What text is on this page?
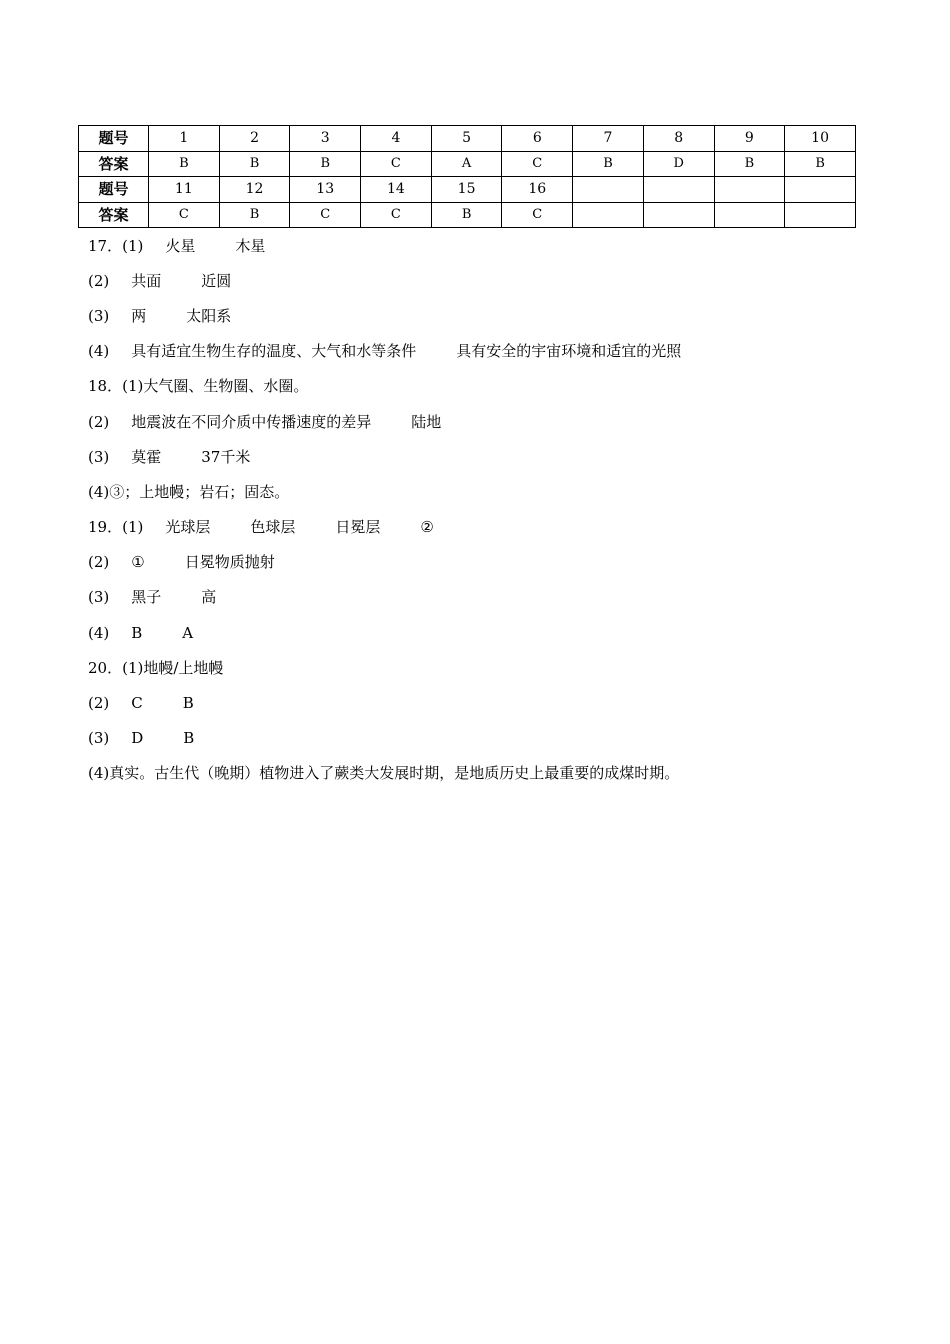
题号	1	2	3	4	5	6	7	8	9	10
答案	B	B	B	C	A	C	B	D	B	B
题号	11	12	13	14	15	16				
答案	C	B	C	C	B	C				
17．(1) 火星	木星
(2) 共面	近圆
(3) 两	太阳系
(4) 具有适宜生物生存的温度、大气和水等条件	具有安全的宇宙环境和适宜的光照
18．(1)大气圈、生物圈、水圈。
(2) 地震波在不同介质中传播速度的差异	陆地
(3) 莫霍	37千米
(4)③；上地幔；岩石；固态。
19．(1) 光球层	色球层	日冕层	②
(2) ①	日冕物质抛射
(3) 黑子	高
(4) B	A
20．(1)地幔/上地幔
(2) C	B
(3) D	B
(4)真实。古生代（晚期）植物进入了蕨类大发展时期，是地质历史上最重要的成煤时期。
